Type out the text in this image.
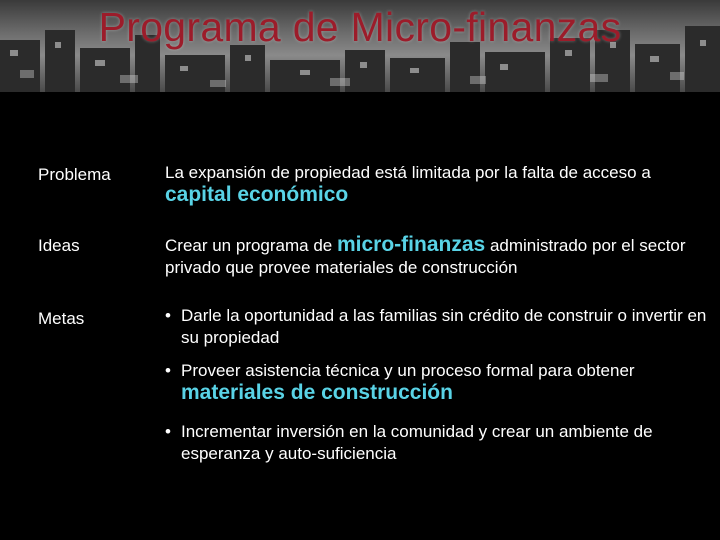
Programa de Micro-finanzas
Problema	La expansión de propiedad está limitada por la falta de acceso a capital económico
Ideas	Crear un programa de micro-finanzas administrado por el sector privado que provee materiales de construcción
Metas	• Darle la oportunidad a las familias sin crédito de construir o invertir en su propiedad
• Proveer asistencia técnica y un proceso formal para obtener materiales de construcción
• Incrementar inversión en la comunidad y crear un ambiente de esperanza y auto-suficiencia
